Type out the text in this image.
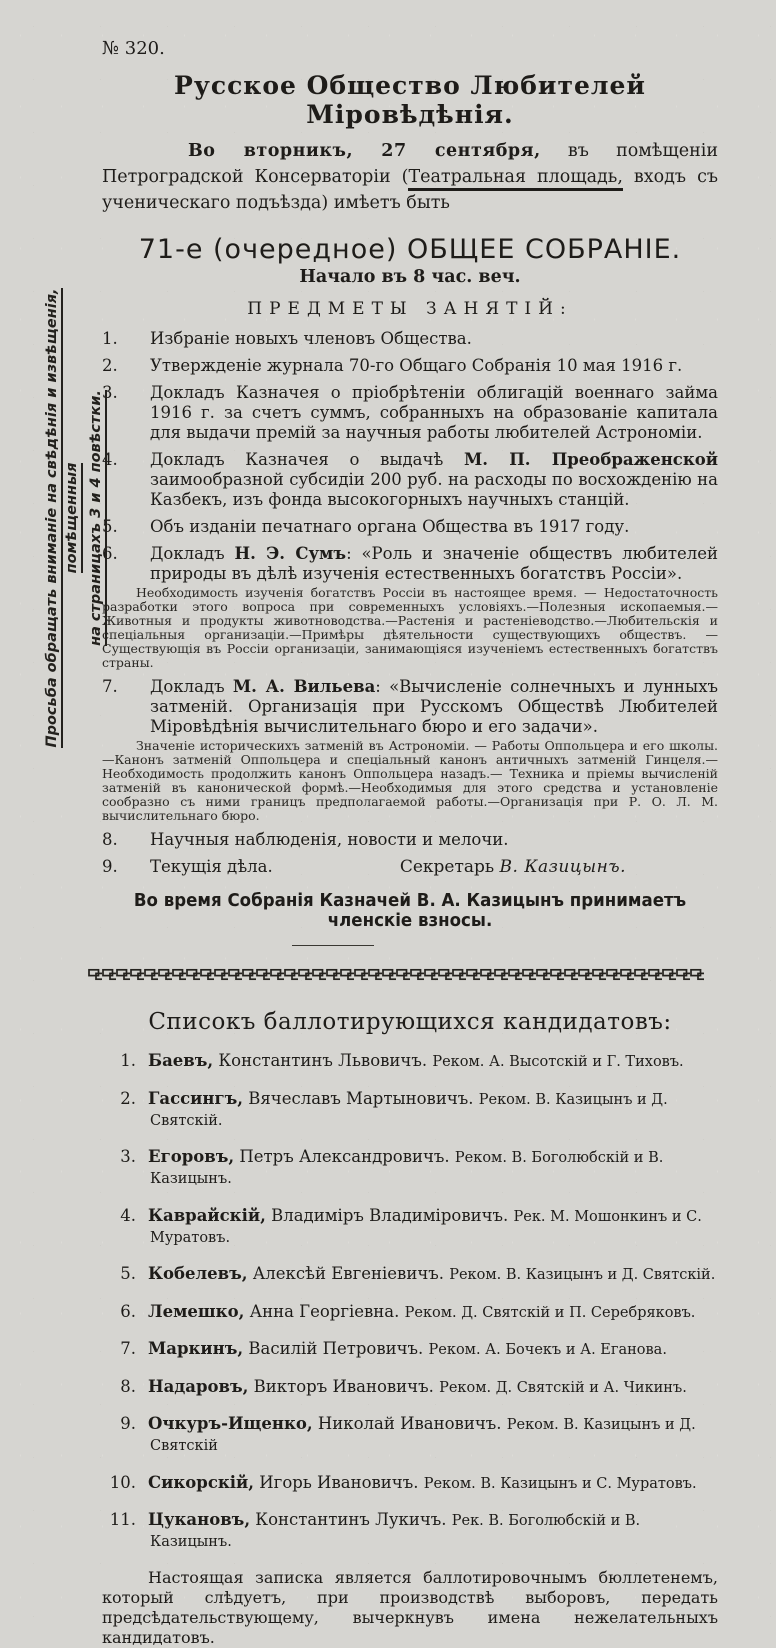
Просьба обращать вниманіе на свѣдѣнія и извѣщенія, помѣщенныя на страницахъ 3 и 4 повѣстки.
№ 320.
Русское Общество Любителей Міровѣдѣнія.

Во вторникъ, 27 сентября, въ помѣщеніи Петроградской Консерваторіи (Театральная площадь, входъ съ ученическаго подъѣзда) имѣетъ быть

71-е (очередное) ОБЩЕЕ СОБРАНІЕ.
Начало въ 8 час. веч.
ПРЕДМЕТЫ ЗАНЯТІЙ:

1. Избраніе новыхъ членовъ Общества.

2. Утвержденіе журнала 70-го Общаго Собранія 10 мая 1916 г.

3. Докладъ Казначея о пріобрѣтеніи облигацій военнаго займа 1916 г. за счетъ суммъ, собранныхъ на образованіе капитала для выдачи премій за научныя работы любителей Астрономіи.

4. Докладъ Казначея о выдачѣ М. П. Преображенской заимообразной субсидіи 200 руб. на расходы по восхожденію на Казбекъ, изъ фонда высокогорныхъ научныхъ станцій.

5. Объ изданіи печатнаго органа Общества въ 1917 году.

6. Докладъ Н. Э. Сумъ: «Роль и значеніе обществъ любителей природы въ дѣлѣ изученія естественныхъ богатствъ Россіи».

Необходимость изученія богатствъ Россіи въ настоящее время. — Недостаточность разработки этого вопроса при современныхъ условіяхъ.—Полезныя ископаемыя.—Животныя и продукты животноводства.—Растенія и растеніеводство.—Любительскія и спеціальныя организаціи.—Примѣры дѣятельности существующихъ обществъ. — Существующія въ Россіи организаціи, занимающіяся изученіемъ естественныхъ богатствъ страны.

7. Докладъ М. А. Вильева: «Вычисленіе солнечныхъ и лунныхъ затменій. Организація при Русскомъ Обществѣ Любителей Міровѣдѣнія вычислительнаго бюро и его задачи».

Значеніе историческихъ затменій въ Астрономіи. — Работы Оппольцера и его школы.—Канонъ затменій Оппольцера и спеціальный канонъ античныхъ затменій Гинцеля.— Необходимость продолжить канонъ Оппольцера назадъ.— Техника и пріемы вычисленій затменій въ канонической формѣ.—Необходимыя для этого средства и установленіе сообразно съ ними границъ предполагаемой работы.—Организація при Р. О. Л. М. вычислительнаго бюро.

8. Научныя наблюденія, новости и мелочи.

9. Текущія дѣла.	Секретарь В. Казицынъ.
Во время Собранія Казначей В. А. Казицынъ принимаетъ членскіе взносы.
Списокъ баллотирующихся кандидатовъ:

1. Баевъ, Константинъ Львовичъ. Реком. А. Высотскій и Г. Тиховъ.

2. Гассингъ, Вячеславъ Мартыновичъ. Реком. В. Казицынъ и Д. Святскій.

3. Егоровъ, Петръ Александровичъ. Реком. В. Боголюбскій и В. Казицынъ.

4. Каврайскій, Владиміръ Владиміровичъ. Рек. М. Мошонкинъ и С. Муратовъ.

5. Кобелевъ, Алексѣй Евгеніевичъ. Реком. В. Казицынъ и Д. Святскій.

6. Лемешко, Анна Георгіевна. Реком. Д. Святскій и П. Серебряковъ.

7. Маркинъ, Василій Петровичъ. Реком. А. Бочекъ и А. Еганова.

8. Надаровъ, Викторъ Ивановичъ. Реком. Д. Святскій и А. Чикинъ.

9. Очкуръ-Ищенко, Николай Ивановичъ. Реком. В. Казицынъ и Д. Святскій

10. Сикорскій, Игорь Ивановичъ. Реком. В. Казицынъ и С. Муратовъ.

11. Цукановъ, Константинъ Лукичъ. Рек. В. Боголюбскій и В. Казицынъ.

Настоящая записка является баллотировочнымъ бюллетенемъ, который слѣдуетъ, при производствѣ выборовъ, передать предсѣдательствующему, вычеркнувъ имена нежелательныхъ кандидатовъ.
